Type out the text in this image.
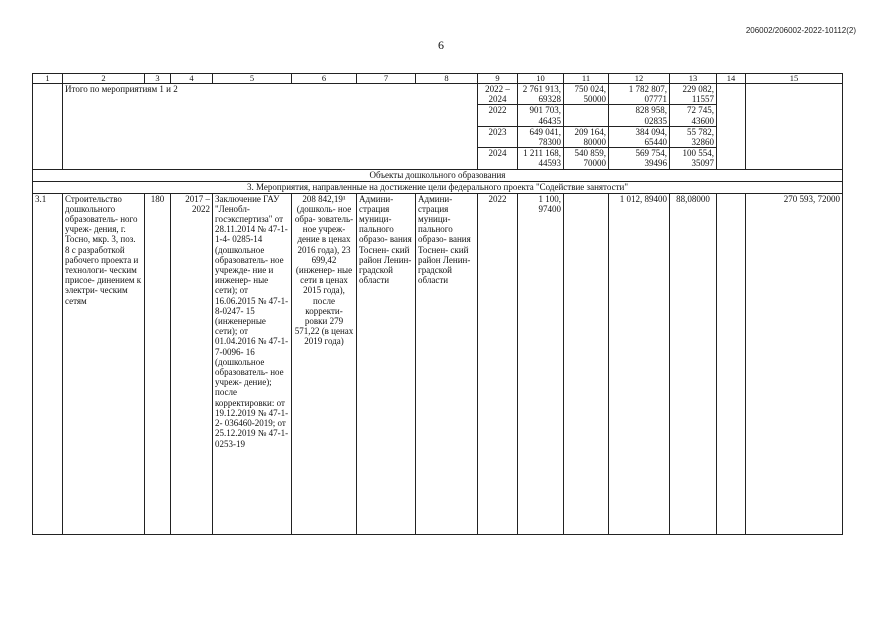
206002/206002-2022-10112(2)
6
1	2	3	4	5	6	7	8	9	10	11	12	13	14	15
	Итого по мероприятиям 1 и 2							2022 – 2024	2 761 913, 69328	750 024, 50000	1 782 807, 07771	229 082, 11557		
								2022	901 703, 46435		828 958, 02835	72 745, 43600		
								2023	649 041, 78300	209 164, 80000	384 094, 65440	55 782, 32860		
								2024	1 211 168, 44593	540 859, 70000	569 754, 39496	100 554, 35097		
Объекты дошкольного образования														
3. Мероприятия, направленные на достижение цели федерального проекта "Содействие занятости"														
3.1	Строительство дошкольного образователь- ного учреж- дения, г. Тосно, мкр. 3, поз. 8 с разработкой рабочего проекта и технологи- ческим присое- динением к электри- ческим сетям	180	2017 – 2022	Заключение ГАУ "Ленобл- госэкспертиза" от 28.11.2014 № 47-1-1-4- 0285-14 (дошкольное образователь- ное учрежде- ние и инженер- ные сети); от 16.06.2015 № 47-1-8-0247- 15 (инженерные сети); от 01.04.2016 № 47-1-7-0096- 16 (дошкольное образователь- ное учреж- дение); после корректировки: от 19.12.2019 № 47-1-2- 036460-2019; от 25.12.2019 № 47-1-0253-19	208 842,19¹ (дошколь- ное обра- зователь- ное учреж- дение в ценах 2016 года), 23 699,42 (инженер- ные сети в ценах 2015 года), после корректи- ровки 279 571,22 (в ценах 2019 года)	Админи- страция муници- пального образо- вания Тоснен- ский район Ленин- градской области	Админи- страция муници- пального образо- вания Тоснен- ский район Ленин- градской области	2022	1 100, 97400		1 012, 89400	88,08000		270 593, 72000
